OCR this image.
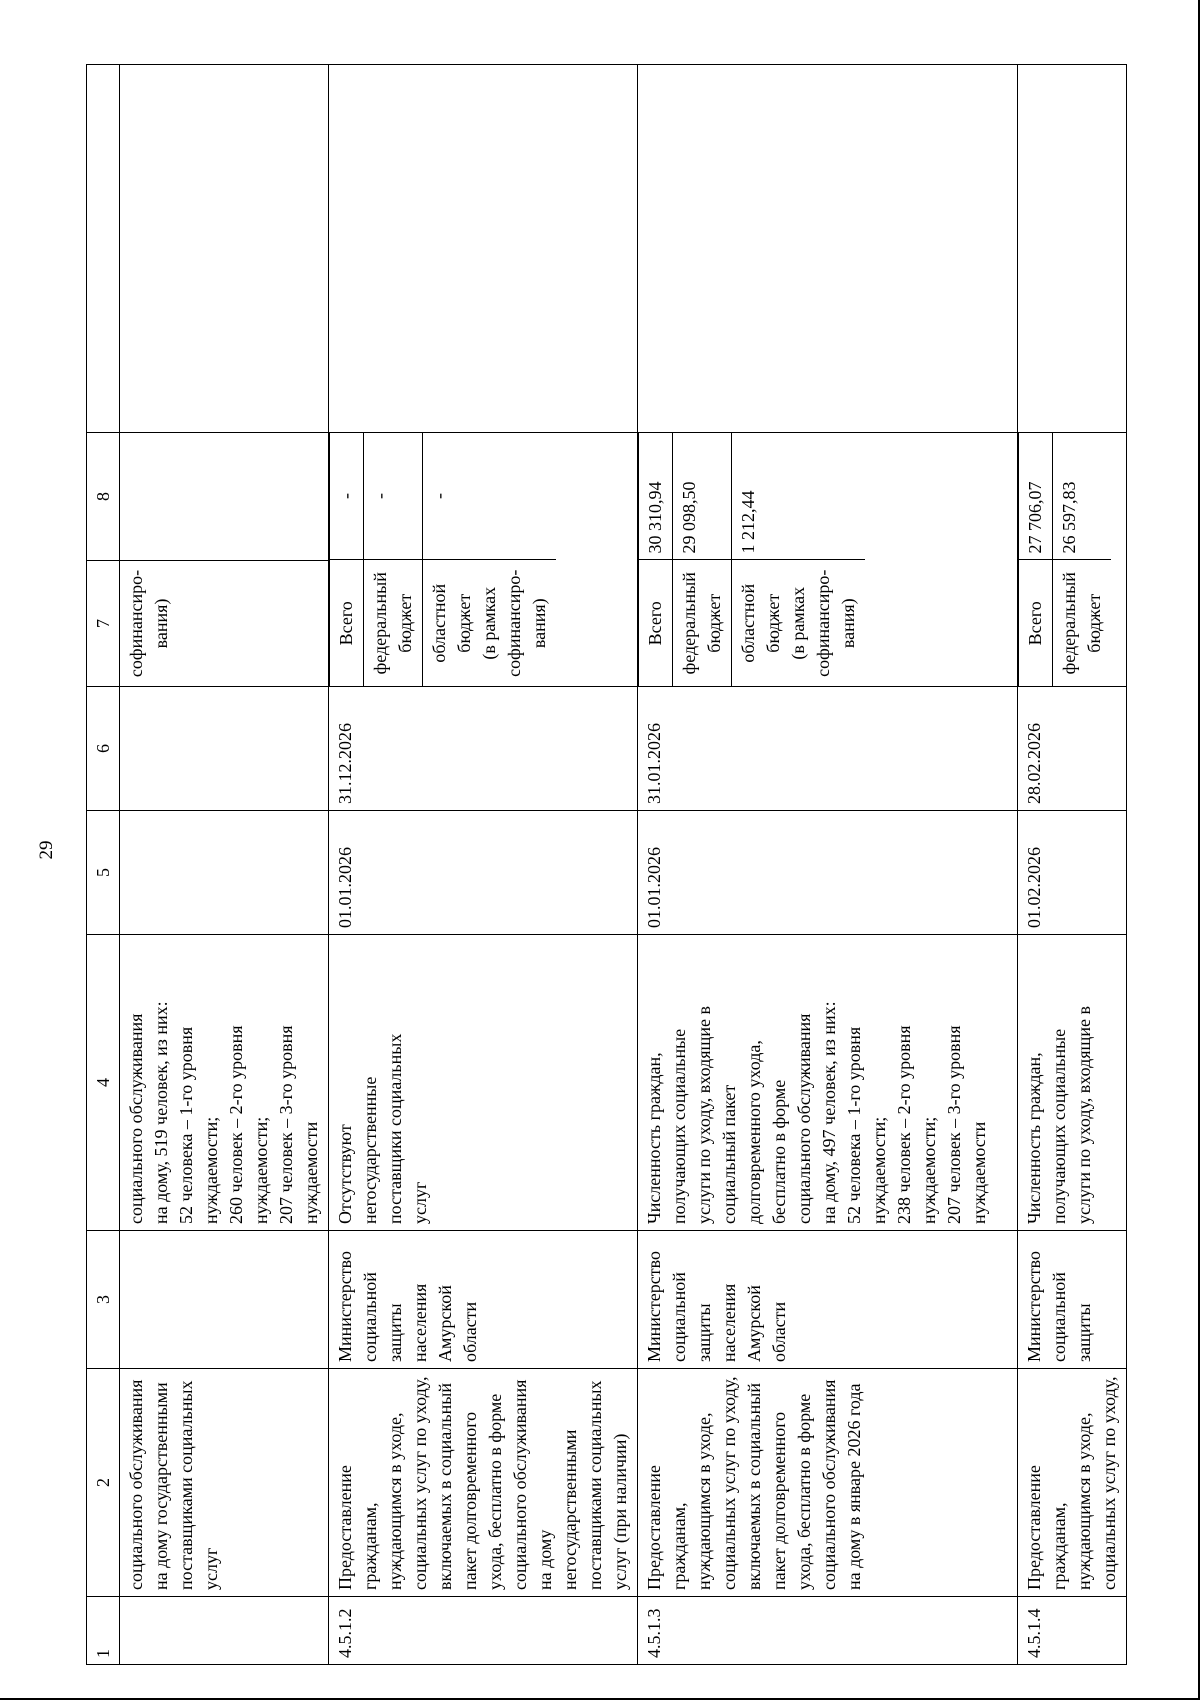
29
1	2	3	4	5	6	7	8	
	социального обслуживания
на дому государственными
поставщиками социальных
услуг		социального обслуживания
на дому, 519 человек, из них:
52 человека – 1-го уровня
нуждаемости;
260 человек – 2-го уровня
нуждаемости;
207 человек – 3-го уровня
нуждаемости			софинансиро-
вания)		
4.5.1.2	Предоставление гражданам,
нуждающимся в уходе,
социальных услуг по уходу,
включаемых в социальный
пакет долговременного
ухода, бесплатно в форме
социального обслуживания
на дому негосударственными
поставщиками социальных
услуг (при наличии)	Министерство
социальной
защиты
населения
Амурской
области	Отсутствуют
негосударственные
поставщики социальных
услуг	01.01.2026	31.12.2026	
Всего	-
федеральный
бюджет	-
областной
бюджет
(в рамках
софинансиро-
вания)	-

4.5.1.3	Предоставление гражданам,
нуждающимся в уходе,
социальных услуг по уходу,
включаемых в социальный
пакет долговременного
ухода, бесплатно в форме
социального обслуживания
на дому в январе 2026 года	Министерство
социальной
защиты
населения
Амурской
области	Численность граждан,
получающих социальные
услуги по уходу, входящие в
социальный пакет
долговременного ухода,
бесплатно в форме
социального обслуживания
на дому, 497 человек, из них:
52 человека – 1-го уровня
нуждаемости;
238 человек – 2-го уровня
нуждаемости;
207 человек – 3-го уровня
нуждаемости	01.01.2026	31.01.2026	
Всего	30 310,94
федеральный
бюджет	29 098,50
областной
бюджет
(в рамках
софинансиро-
вания)	1 212,44

4.5.1.4	Предоставление гражданам,
нуждающимся в уходе,
социальных услуг по уходу,	Министерство
социальной
защиты	Численность граждан,
получающих социальные
услуги по уходу, входящие в	01.02.2026	28.02.2026	
Всего	27 706,07
федеральный
бюджет	26 597,83
